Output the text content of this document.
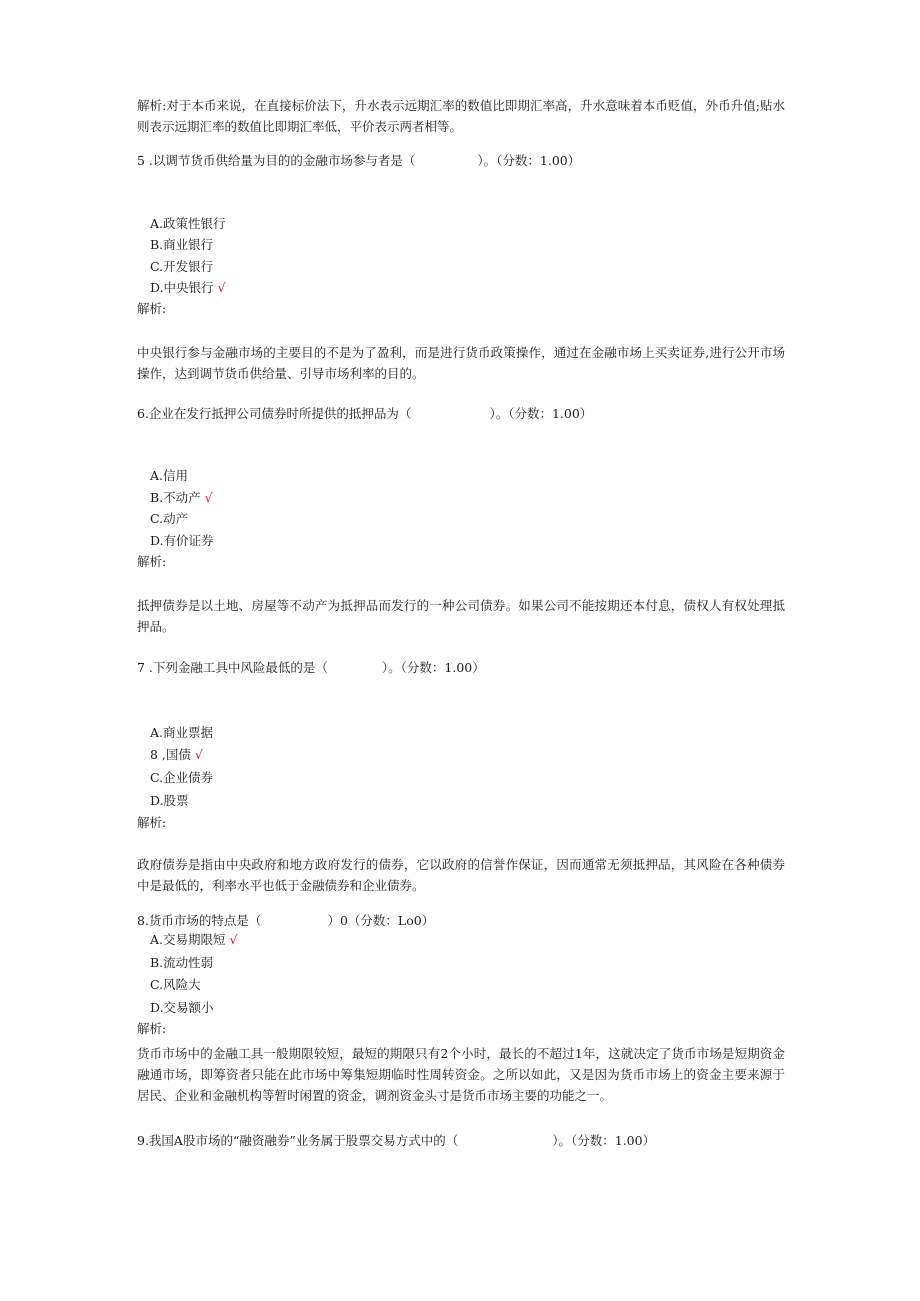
解析:对于本币来说，在直接标价法下，升水表示远期汇率的数值比即期汇率高，升水意味着本币贬值，外币升值;贴水则表示远期汇率的数值比即期汇率低，平价表示两者相等。
5 .以调节货币供给量为目的的金融市场参与者是（	）。（分数：1.00）
A.政策性银行
B.商业银行
C.开发银行
D.中央银行 √
解析:
中央银行参与金融市场的主要目的不是为了盈利，而是进行货币政策操作，通过在金融市场上买卖证券,进行公开市场操作，达到调节货币供给量、引导市场利率的目的。
6.企业在发行抵押公司债券时所提供的抵押品为（	）。（分数：1.00）
A.信用
B.不动产 √
C.动产
D.有价证券
解析:
抵押债券是以土地、房屋等不动产为抵押品而发行的一种公司债券。如果公司不能按期还本付息，债权人有权处理抵押品。
7 .下列金融工具中风险最低的是（	）。（分数：1.00）
A.商业票据
8 ,国债 √
C.企业债券
D.股票
解析:
政府债券是指由中央政府和地方政府发行的债券，它以政府的信誉作保证，因而通常无须抵押品，其风险在各种债券中是最低的，利率水平也低于金融债券和企业债券。
8.货币市场的特点是（	）0（分数：Lo0）
A.交易期限短 √
B.流动性弱
C.风险大
D.交易额小
解析:
货币市场中的金融工具一般期限较短，最短的期限只有2个小时，最长的不超过1年，这就决定了货币市场是短期资金融通市场，即筹资者只能在此市场中筹集短期临时性周转资金。之所以如此，又是因为货币市场上的资金主要来源于居民、企业和金融机构等暂时闲置的资金，调剂资金头寸是货币市场主要的功能之一。
9.我国A股市场的“融资融券”业务属于股票交易方式中的（	）。（分数：1.00）
